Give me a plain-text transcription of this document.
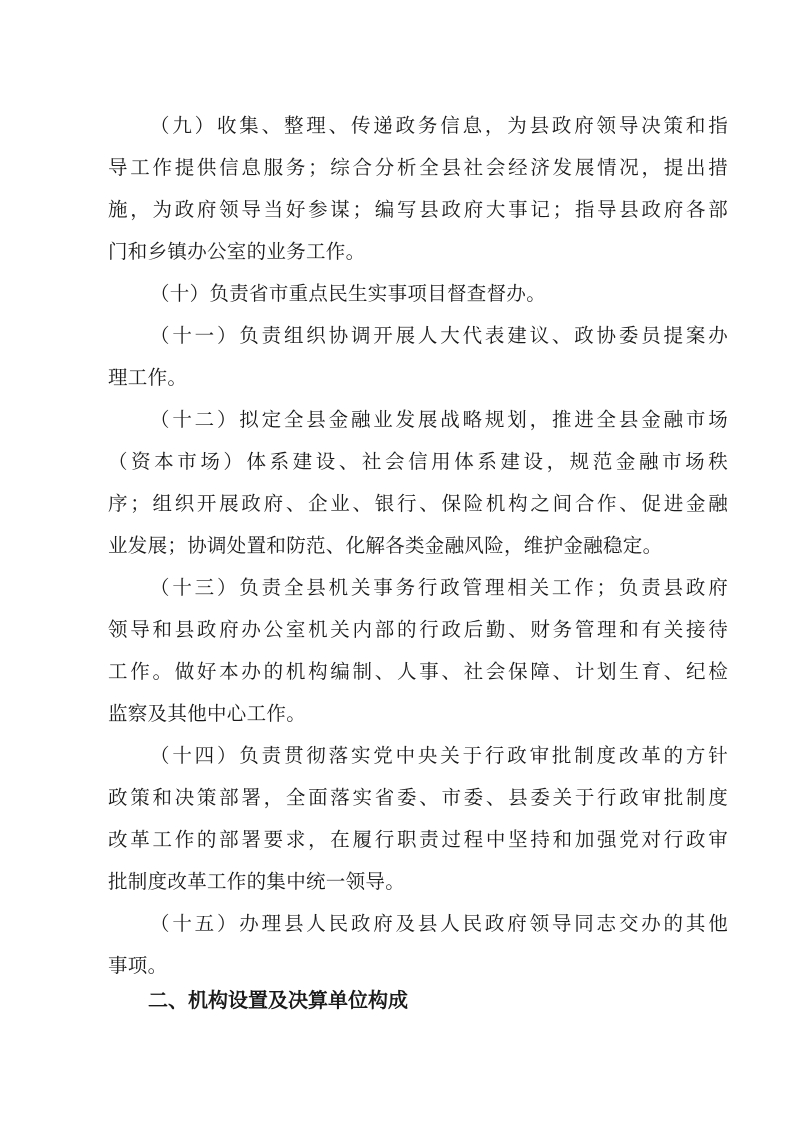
（九）收集、整理、传递政务信息，为县政府领导决策和指
导工作提供信息服务；综合分析全县社会经济发展情况，提出措
施，为政府领导当好参谋；编写县政府大事记；指导县政府各部
门和乡镇办公室的业务工作。
（十）负责省市重点民生实事项目督查督办。
（十一）负责组织协调开展人大代表建议、政协委员提案办
理工作。
（十二）拟定全县金融业发展战略规划，推进全县金融市场
（资本市场）体系建设、社会信用体系建设，规范金融市场秩
序；组织开展政府、企业、银行、保险机构之间合作、促进金融
业发展；协调处置和防范、化解各类金融风险，维护金融稳定。
（十三）负责全县机关事务行政管理相关工作；负责县政府
领导和县政府办公室机关内部的行政后勤、财务管理和有关接待
工作。做好本办的机构编制、人事、社会保障、计划生育、纪检
监察及其他中心工作。
（十四）负责贯彻落实党中央关于行政审批制度改革的方针
政策和决策部署，全面落实省委、市委、县委关于行政审批制度
改革工作的部署要求，在履行职责过程中坚持和加强党对行政审
批制度改革工作的集中统一领导。
（十五）办理县人民政府及县人民政府领导同志交办的其他
事项。
二、机构设置及决算单位构成
